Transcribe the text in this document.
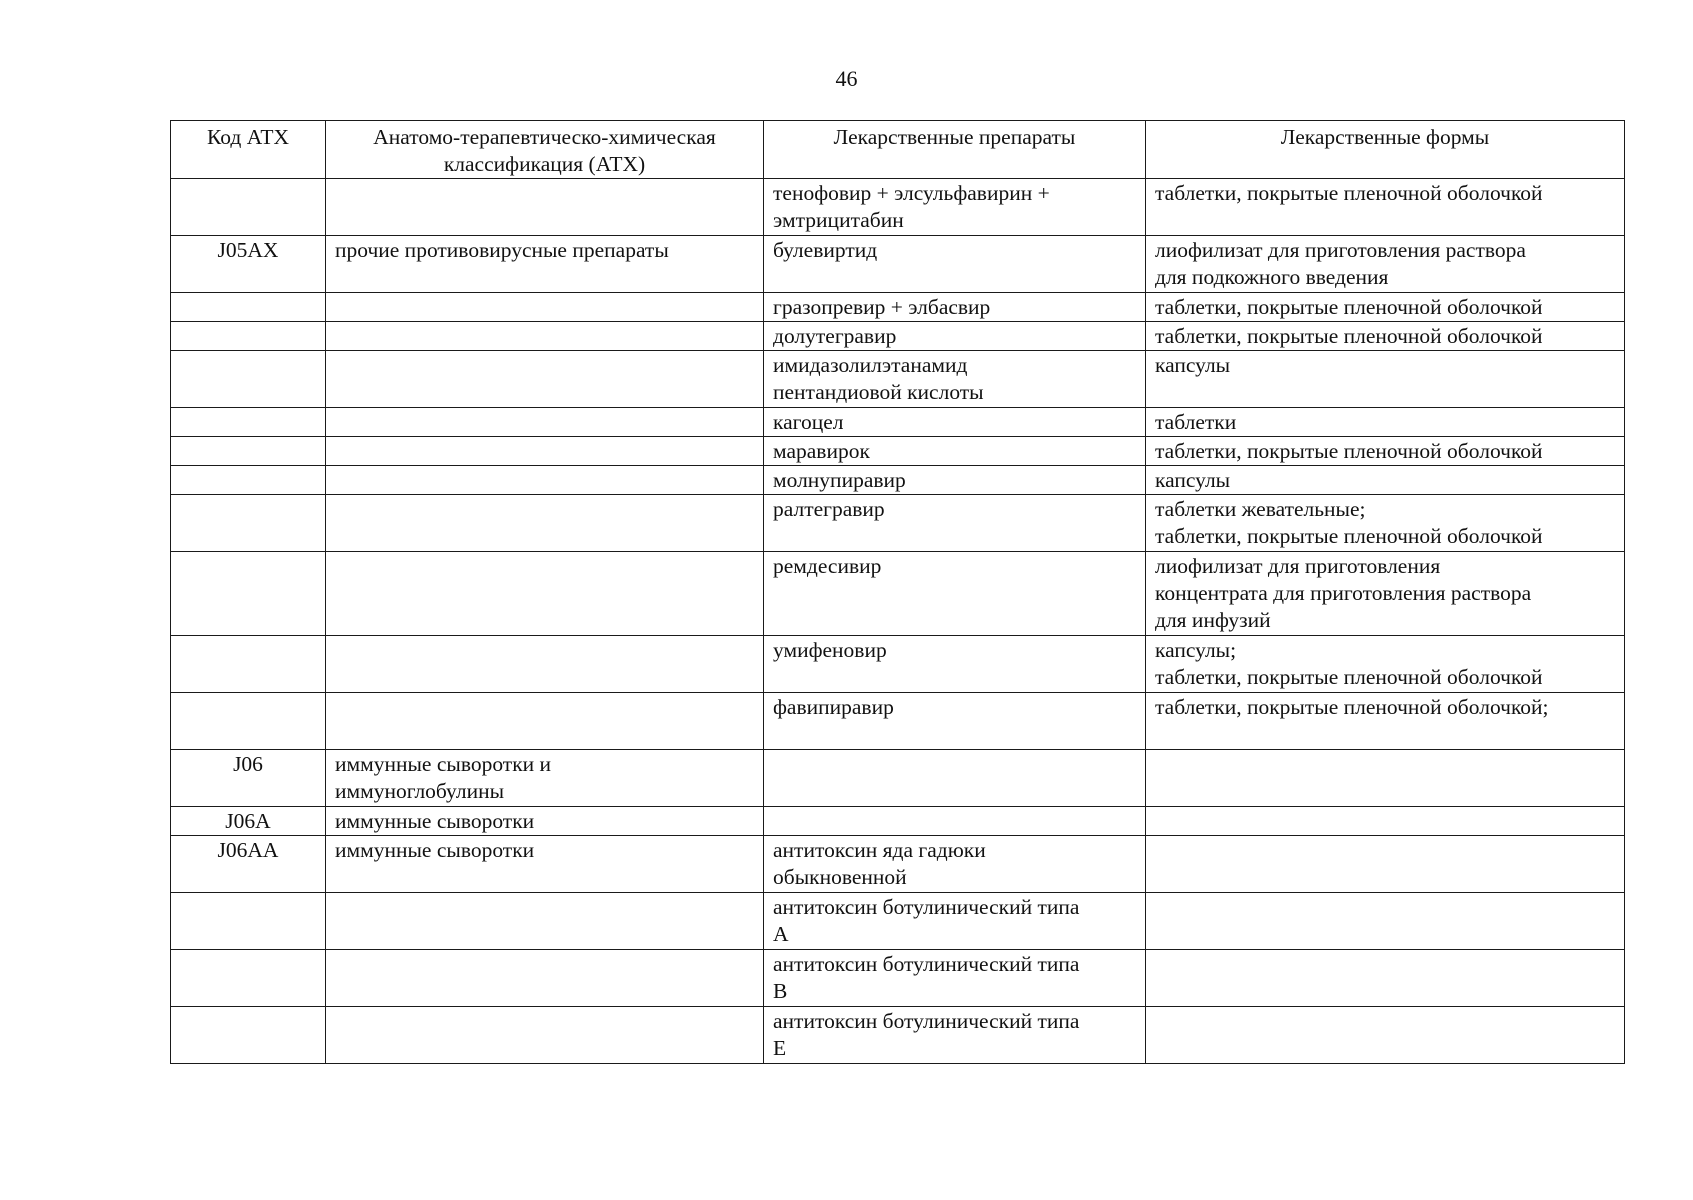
46
Код АТХ	Анатомо-терапевтическо-химическая классификация (АТХ)	Лекарственные препараты	Лекарственные формы
		тенофовир + элсульфавирин +
эмтрицитабин	таблетки, покрытые пленочной оболочкой
J05AX	прочие противовирусные препараты	булевиртид	лиофилизат для приготовления раствора
для подкожного введения
		гразопревир + элбасвир	таблетки, покрытые пленочной оболочкой
		долутегравир	таблетки, покрытые пленочной оболочкой
		имидазолилэтанамид
пентандиовой кислоты	капсулы
		кагоцел	таблетки
		маравирок	таблетки, покрытые пленочной оболочкой
		молнупиравир	капсулы
		ралтегравир	таблетки жевательные;
таблетки, покрытые пленочной оболочкой
		ремдесивир	лиофилизат для приготовления
концентрата для приготовления раствора
для инфузий
		умифеновир	капсулы;
таблетки, покрытые пленочной оболочкой
		фавипиравир	таблетки, покрытые пленочной оболочкой;
J06	иммунные сыворотки и
иммуноглобулины		
J06A	иммунные сыворотки		
J06AA	иммунные сыворотки	антитоксин яда гадюки
обыкновенной	
		антитоксин ботулинический типа
А	
		антитоксин ботулинический типа
В	
		антитоксин ботулинический типа
Е	
